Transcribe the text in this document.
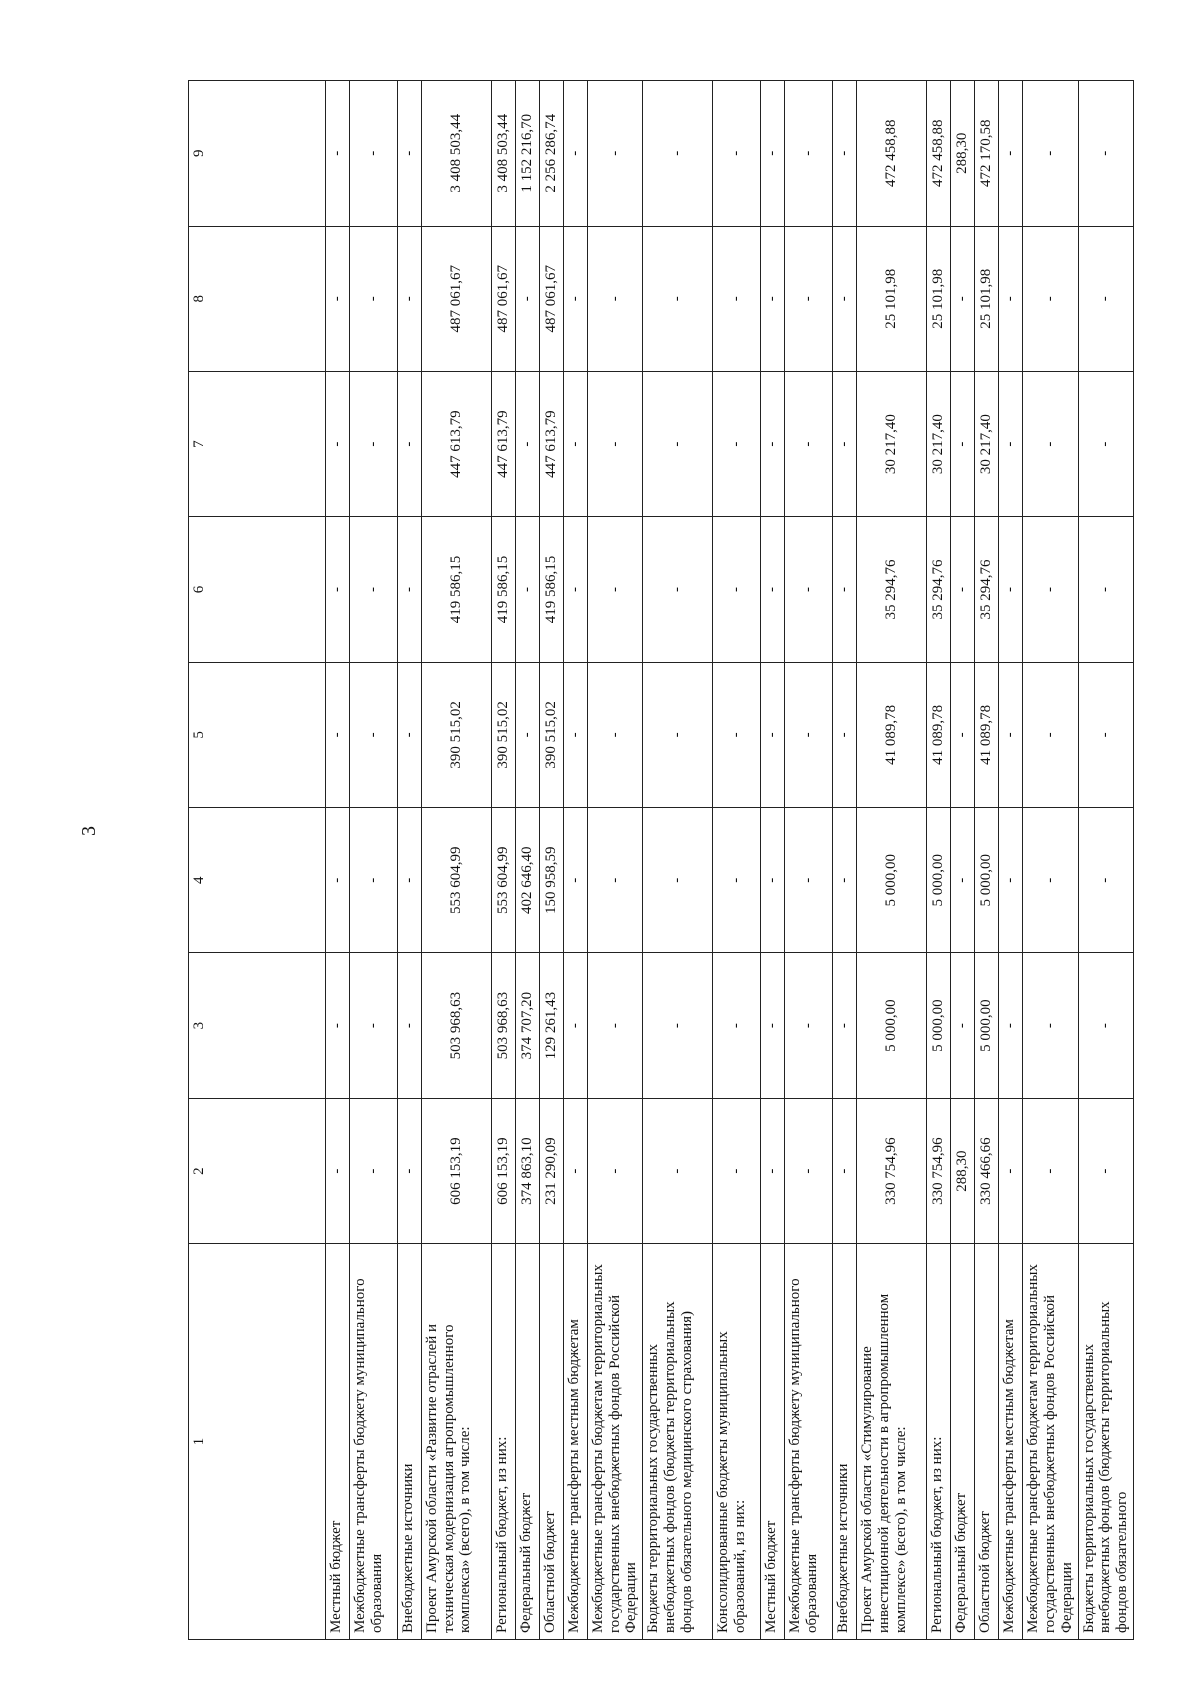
3
1	2	3	4	5	6	7	8	9
Местный бюджет	-	-	-	-	-	-	-	-
Межбюджетные трансферты бюджету муниципального образования	-	-	-	-	-	-	-	-
Внебюджетные источники	-	-	-	-	-	-	-	-
Проект Амурской области «Развитие отраслей и техническая модернизация агропромышленного комплекса» (всего), в том числе:	606 153,19	503 968,63	553 604,99	390 515,02	419 586,15	447 613,79	487 061,67	3 408 503,44
Региональный бюджет, из них:	606 153,19	503 968,63	553 604,99	390 515,02	419 586,15	447 613,79	487 061,67	3 408 503,44
Федеральный бюджет	374 863,10	374 707,20	402 646,40	-	-	-	-	1 152 216,70
Областной бюджет	231 290,09	129 261,43	150 958,59	390 515,02	419 586,15	447 613,79	487 061,67	2 256 286,74
Межбюджетные трансферты местным бюджетам	-	-	-	-	-	-	-	-
Межбюджетные трансферты бюджетам территориальных государственных внебюджетных фондов Российской Федерации	-	-	-	-	-	-	-	-
Бюджеты территориальных государственных внебюджетных фондов (бюджеты территориальных фондов обязательного медицинского страхования)	-	-	-	-	-	-	-	-
Консолидированные бюджеты муниципальных образований, из них:	-	-	-	-	-	-	-	-
Местный бюджет	-	-	-	-	-	-	-	-
Межбюджетные трансферты бюджету муниципального образования	-	-	-	-	-	-	-	-
Внебюджетные источники	-	-	-	-	-	-	-	-
Проект Амурской области «Стимулирование инвестиционной деятельности в агропромышленном комплексе» (всего), в том числе:	330 754,96	5 000,00	5 000,00	41 089,78	35 294,76	30 217,40	25 101,98	472 458,88
Региональный бюджет, из них:	330 754,96	5 000,00	5 000,00	41 089,78	35 294,76	30 217,40	25 101,98	472 458,88
Федеральный бюджет	288,30	-	-	-	-	-	-	288,30
Областной бюджет	330 466,66	5 000,00	5 000,00	41 089,78	35 294,76	30 217,40	25 101,98	472 170,58
Межбюджетные трансферты местным бюджетам	-	-	-	-	-	-	-	-
Межбюджетные трансферты бюджетам территориальных государственных внебюджетных фондов Российской Федерации	-	-	-	-	-	-	-	-
Бюджеты территориальных государственных внебюджетных фондов (бюджеты территориальных фондов обязательного	-	-	-	-	-	-	-	-
